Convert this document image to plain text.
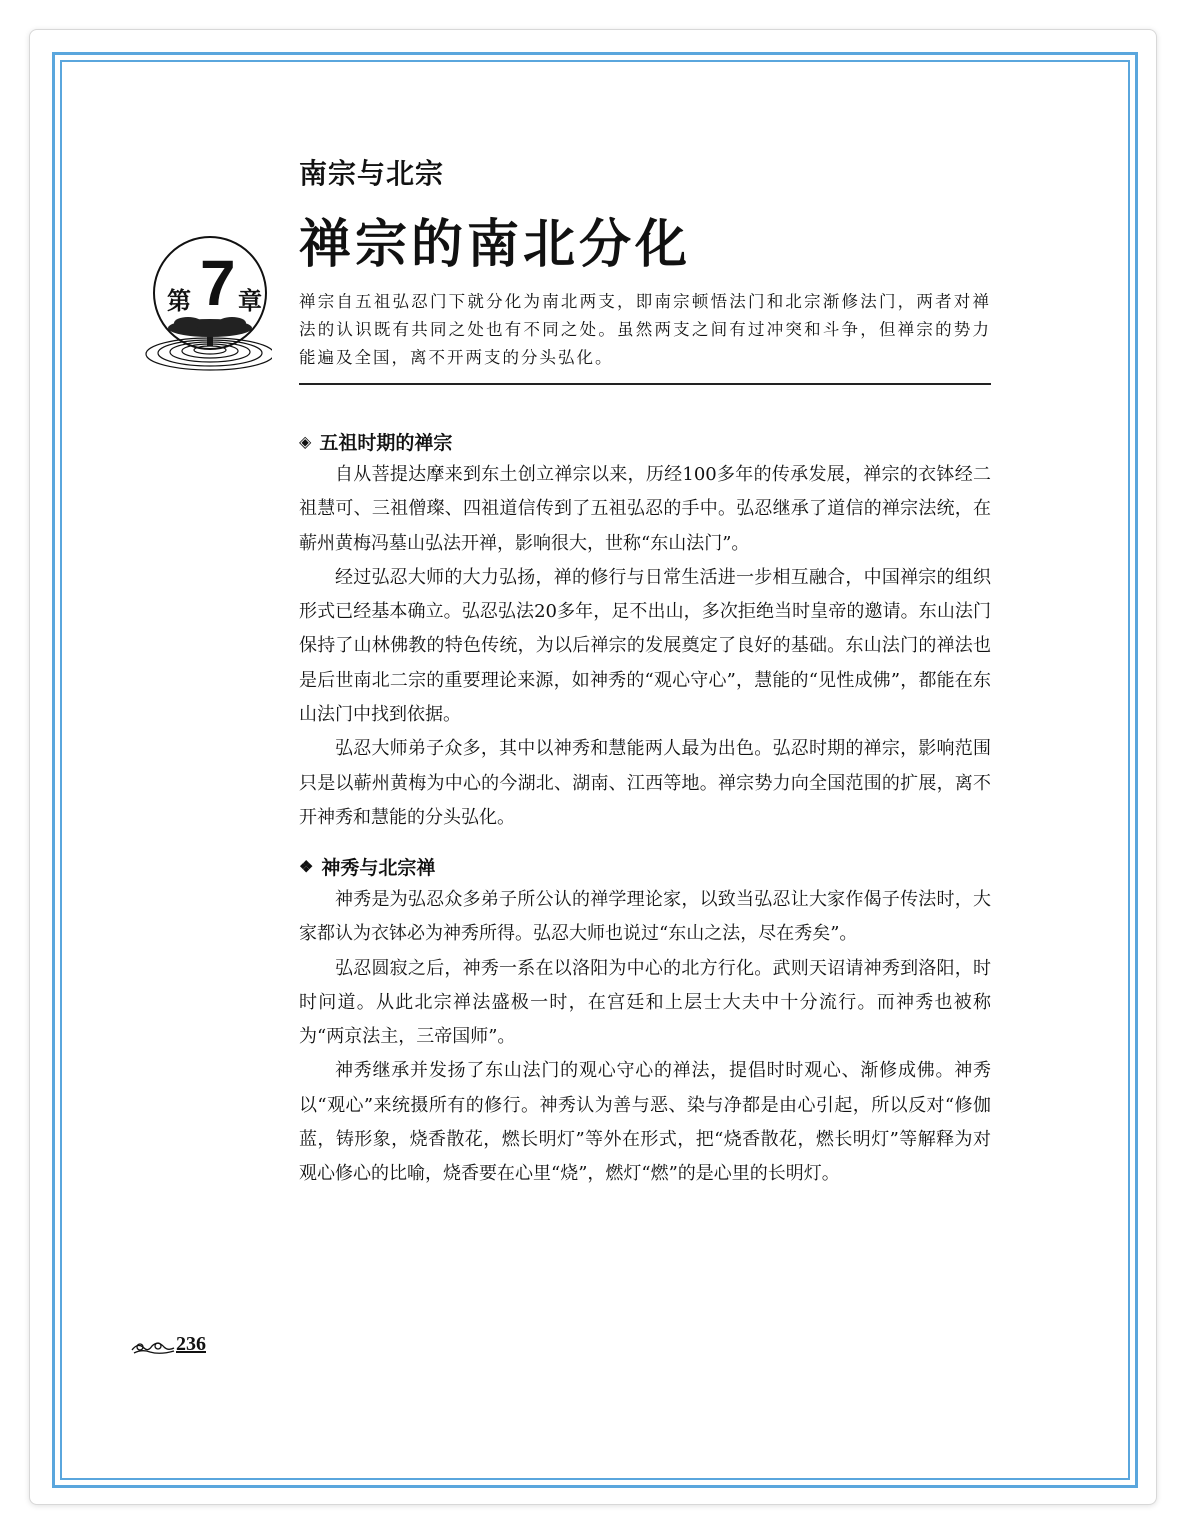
第 7 章
南宗与北宗
禅宗的南北分化
禅宗自五祖弘忍门下就分化为南北两支，即南宗顿悟法门和北宗渐修法门，两者对禅法的认识既有共同之处也有不同之处。虽然两支之间有过冲突和斗争，但禅宗的势力能遍及全国，离不开两支的分头弘化。
◈ 五祖时期的禅宗

自从菩提达摩来到东土创立禅宗以来，历经100多年的传承发展，禅宗的衣钵经二祖慧可、三祖僧璨、四祖道信传到了五祖弘忍的手中。弘忍继承了道信的禅宗法统，在蕲州黄梅冯墓山弘法开禅，影响很大，世称“东山法门”。

经过弘忍大师的大力弘扬，禅的修行与日常生活进一步相互融合，中国禅宗的组织形式已经基本确立。弘忍弘法20多年，足不出山，多次拒绝当时皇帝的邀请。东山法门保持了山林佛教的特色传统，为以后禅宗的发展奠定了良好的基础。东山法门的禅法也是后世南北二宗的重要理论来源，如神秀的“观心守心”，慧能的“见性成佛”，都能在东山法门中找到依据。

弘忍大师弟子众多，其中以神秀和慧能两人最为出色。弘忍时期的禅宗，影响范围只是以蕲州黄梅为中心的今湖北、湖南、江西等地。禅宗势力向全国范围的扩展，离不开神秀和慧能的分头弘化。

❖ 神秀与北宗禅

神秀是为弘忍众多弟子所公认的禅学理论家，以致当弘忍让大家作偈子传法时，大家都认为衣钵必为神秀所得。弘忍大师也说过“东山之法，尽在秀矣”。

弘忍圆寂之后，神秀一系在以洛阳为中心的北方行化。武则天诏请神秀到洛阳，时时问道。从此北宗禅法盛极一时，在宫廷和上层士大夫中十分流行。而神秀也被称为“两京法主，三帝国师”。

神秀继承并发扬了东山法门的观心守心的禅法，提倡时时观心、渐修成佛。神秀以“观心”来统摄所有的修行。神秀认为善与恶、染与净都是由心引起，所以反对“修伽蓝，铸形象，烧香散花，燃长明灯”等外在形式，把“烧香散花，燃长明灯”等解释为对观心修心的比喻，烧香要在心里“烧”，燃灯“燃”的是心里的长明灯。

236
